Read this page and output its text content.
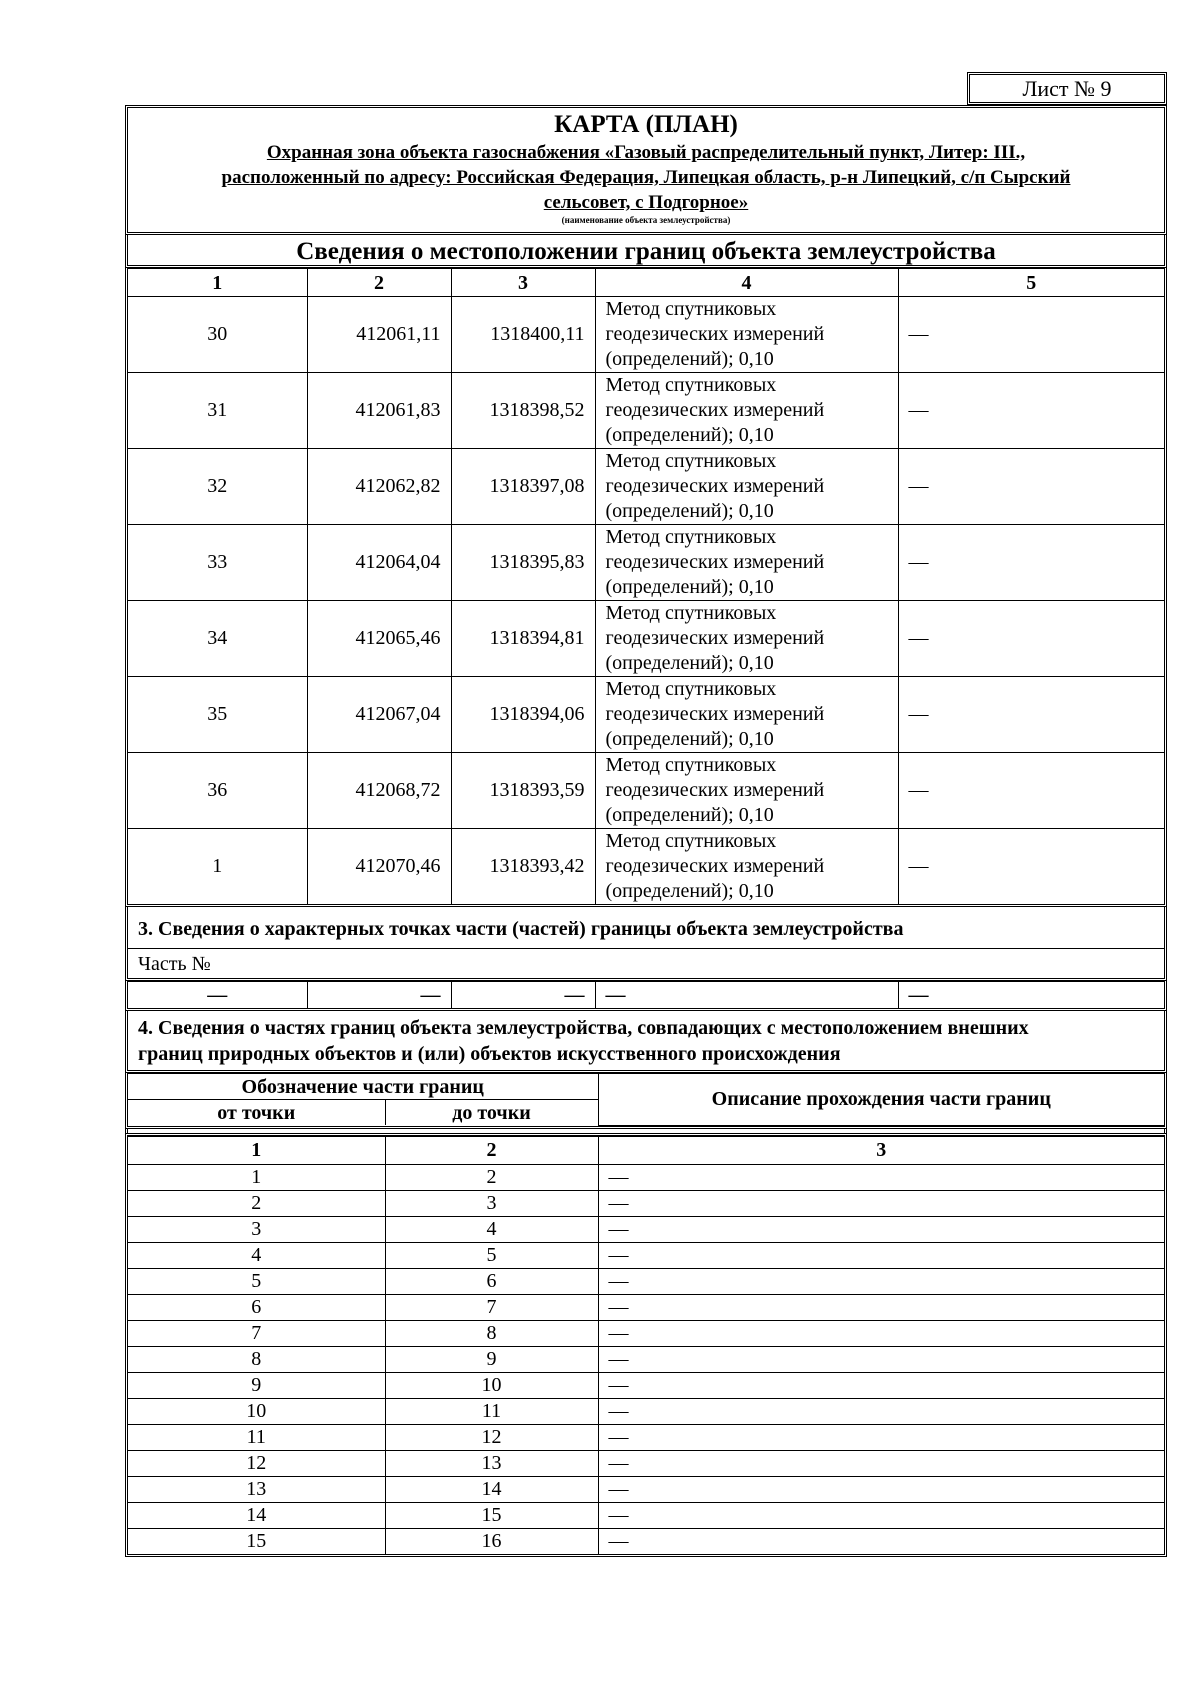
Лист № 9
КАРТА (ПЛАН)
Охранная зона объекта газоснабжения «Газовый распределительный пункт, Литер: III.,
расположенный по адресу: Российская Федерация, Липецкая область, р-н Липецкий, с/п Сырский
сельсовет, с Подгорное»
(наименование объекта землеустройства)
Сведения о местоположении границ объекта землеустройства
1	2	3	4	5
30	412061,11	1318400,11	Метод спутниковых
геодезических измерений
(определений); 0,10	—
31	412061,83	1318398,52	Метод спутниковых
геодезических измерений
(определений); 0,10	—
32	412062,82	1318397,08	Метод спутниковых
геодезических измерений
(определений); 0,10	—
33	412064,04	1318395,83	Метод спутниковых
геодезических измерений
(определений); 0,10	—
34	412065,46	1318394,81	Метод спутниковых
геодезических измерений
(определений); 0,10	—
35	412067,04	1318394,06	Метод спутниковых
геодезических измерений
(определений); 0,10	—
36	412068,72	1318393,59	Метод спутниковых
геодезических измерений
(определений); 0,10	—
1	412070,46	1318393,42	Метод спутниковых
геодезических измерений
(определений); 0,10	—
3. Сведения о характерных точках части (частей) границы объекта землеустройства
Часть №
—	—	—	—	—
4. Сведения о частях границ объекта землеустройства, совпадающих с местоположением внешних
границ природных объектов и (или) объектов искусственного происхождения
Обозначение части границ		Описание прохождения части границ
от точки	до точки	
1	2	3
1	2	—
2	3	—
3	4	—
4	5	—
5	6	—
6	7	—
7	8	—
8	9	—
9	10	—
10	11	—
11	12	—
12	13	—
13	14	—
14	15	—
15	16	—
